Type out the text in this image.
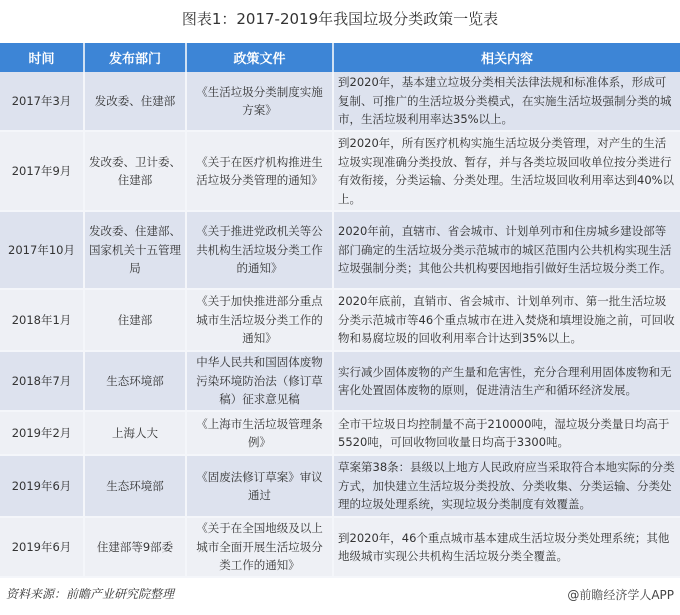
图表1：2017-2019年我国垃圾分类政策一览表
时间	发布部门	政策文件	相关内容
2017年3月	发改委、住建部	《生活垃圾分类制度实施方案》	到2020年，基本建立垃圾分类相关法律法规和标准体系，形成可复制、可推广的生活垃圾分类模式，在实施生活垃圾强制分类的城市，生活垃圾利用率达35%以上。
2017年9月	发改委、卫计委、住建部	《关于在医疗机构推进生活垃圾分类管理的通知》	到2020年，所有医疗机构实施生活垃圾分类管理，对产生的生活垃圾实现准确分类投放、暂存，并与各类垃圾回收单位按分类进行有效衔接，分类运输、分类处理。生活垃圾回收利用率达到40%以上。
2017年10月	发改委、住建部、国家机关十五管理局	《关于推进党政机关等公共机构生活垃圾分类工作的通知》	2020年前，直辖市、省会城市、计划单列市和住房城乡建设部等部门确定的生活垃圾分类示范城市的城区范围内公共机构实现生活垃圾强制分类；其他公共机构要因地指引做好生活垃圾分类工作。
2018年1月	住建部	《关于加快推进部分重点城市生活垃圾分类工作的通知》	2020年底前，直销市、省会城市、计划单列市、第一批生活垃圾分类示范城市等46个重点城市在进入焚烧和填埋设施之前，可回收物和易腐垃圾的回收利用率合计达到35%以上。
2018年7月	生态环境部	中华人民共和国固体废物污染环境防治法（修订草稿）征求意见稿	实行减少固体废物的产生量和危害性，充分合理利用固体废物和无害化处置固体废物的原则，促进清洁生产和循环经济发展。
2019年2月	上海人大	《上海市生活垃圾管理条例》	全市干垃圾日均控制量不高于210000吨，湿垃圾分类量日均高于5520吨，可回收物回收量日均高于3300吨。
2019年6月	生态环境部	《固废法修订草案》审议通过	草案第38条：县级以上地方人民政府应当采取符合本地实际的分类方式，加快建立生活垃圾分类投放、分类收集、分类运输、分类处理的垃圾处理系统，实现垃圾分类制度有效覆盖。
2019年6月	住建部等9部委	《关于在全国地级及以上城市全面开展生活垃圾分类工作的通知》	到2020年，46个重点城市基本建成生活垃圾分类处理系统；其他地级城市实现公共机构生活垃圾分类全覆盖。
资料来源：前瞻产业研究院整理	@前瞻经济学人APP
